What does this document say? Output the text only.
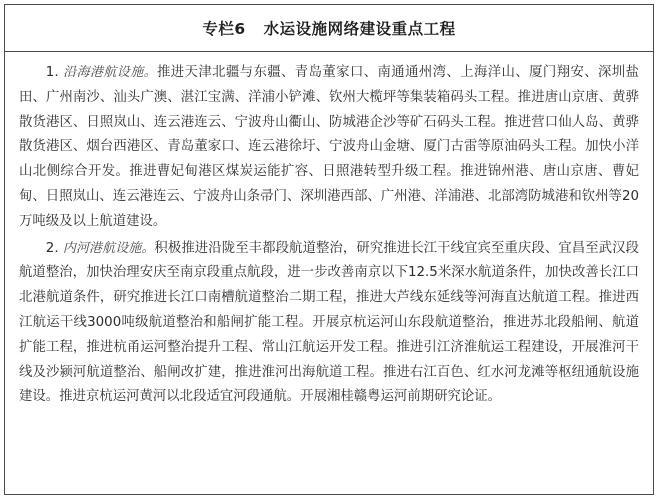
专栏6 水运设施网络建设重点工程

1. 沿海港航设施。推进天津北疆与东疆、青岛董家口、南通通州湾、上海洋山、厦门翔安、深圳盐田、广州南沙、汕头广澳、湛江宝满、洋浦小铲滩、钦州大榄坪等集装箱码头工程。推进唐山京唐、黄骅散货港区、日照岚山、连云港连云、宁波舟山衢山、防城港企沙等矿石码头工程。推进营口仙人岛、黄骅散货港区、烟台西港区、青岛董家口、连云港徐圩、宁波舟山金塘、厦门古雷等原油码头工程。加快小洋山北侧综合开发。推进曹妃甸港区煤炭运能扩容、日照港转型升级工程。推进锦州港、唐山京唐、曹妃甸、日照岚山、连云港连云、宁波舟山条帚门、深圳港西部、广州港、洋浦港、北部湾防城港和钦州等20万吨级及以上航道建设。

2. 内河港航设施。积极推进沿陇至丰都段航道整治，研究推进长江干线宜宾至重庆段、宜昌至武汉段航道整治，加快治理安庆至南京段重点航段，进一步改善南京以下12.5米深水航道条件，加快改善长江口北港航道条件，研究推进长江口南槽航道整治二期工程，推进大芦线东延线等河海直达航道工程。推进西江航运干线3000吨级航道整治和船闸扩能工程。开展京杭运河山东段航道整治，推进苏北段船闸、航道扩能工程，推进杭甬运河整治提升工程、常山江航运开发工程。推进引江济淮航运工程建设，开展淮河干线及沙颍河航道整治、船闸改扩建，推进淮河出海航道工程。推进右江百色、红水河龙滩等枢纽通航设施建设。推进京杭运河黄河以北段适宜河段通航。开展湘桂赣粤运河前期研究论证。
